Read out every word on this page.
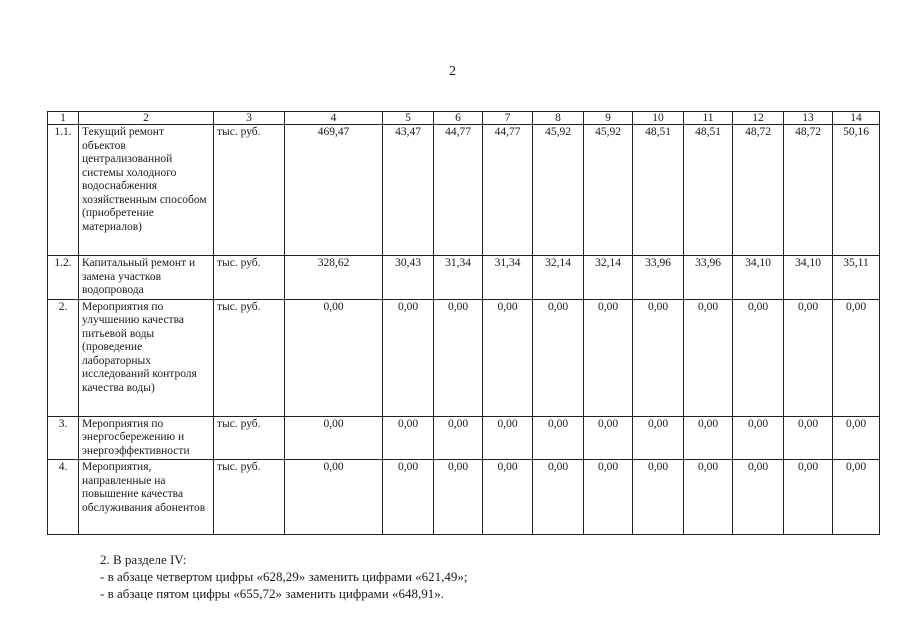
2
1	2	3	4	5	6	7	8	9	10	11	12	13	14
1.1.	Текущий ремонт объектов централизованной системы холодного водоснабжения хозяйственным способом (приобретение материалов)	тыс. руб.	469,47	43,47	44,77	44,77	45,92	45,92	48,51	48,51	48,72	48,72	50,16
1.2.	Капитальный ремонт и замена участков водопровода	тыс. руб.	328,62	30,43	31,34	31,34	32,14	32,14	33,96	33,96	34,10	34,10	35,11
2.	Мероприятия по улучшению качества питьевой воды (проведение лабораторных исследований контроля качества воды)	тыс. руб.	0,00	0,00	0,00	0,00	0,00	0,00	0,00	0,00	0,00	0,00	0,00
3.	Мероприятия по энергосбережению и энергоэффективности	тыс. руб.	0,00	0,00	0,00	0,00	0,00	0,00	0,00	0,00	0,00	0,00	0,00
4.	Мероприятия, направленные на повышение качества обслуживания абонентов	тыс. руб.	0,00	0,00	0,00	0,00	0,00	0,00	0,00	0,00	0,00	0,00	0,00
2. В разделе IV:
- в абзаце четвертом цифры «628,29» заменить цифрами «621,49»;
- в абзаце пятом цифры «655,72» заменить цифрами «648,91».
